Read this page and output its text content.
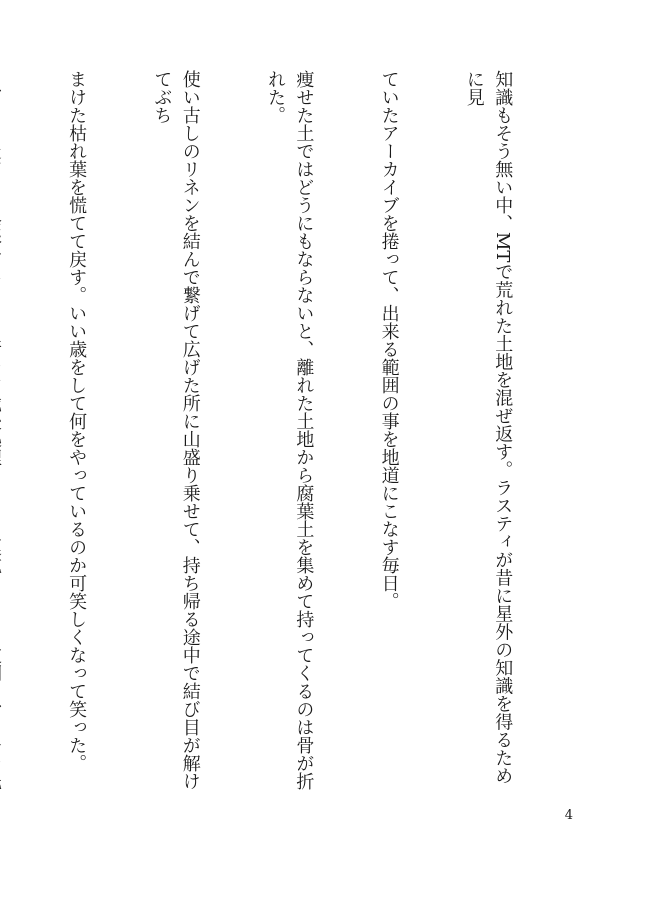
知識もそう無い中、MTで荒れた土地を混ぜ返す。ラスティが昔に星外の知識を得るために見

ていたアーカイブを捲って、出来る範囲の事を地道にこなす毎日。

痩せた土ではどうにもならないと、離れた土地から腐葉土を集めて持ってくるのは骨が折れた。

使い古しのリネンを結んで繋げて広げた所に山盛り乗せて、持ち帰る途中で結び目が解けてぶち

まけた枯れ葉を慌てて戻す。いい歳をして何をやっているのか可笑しくなって笑った。

4
